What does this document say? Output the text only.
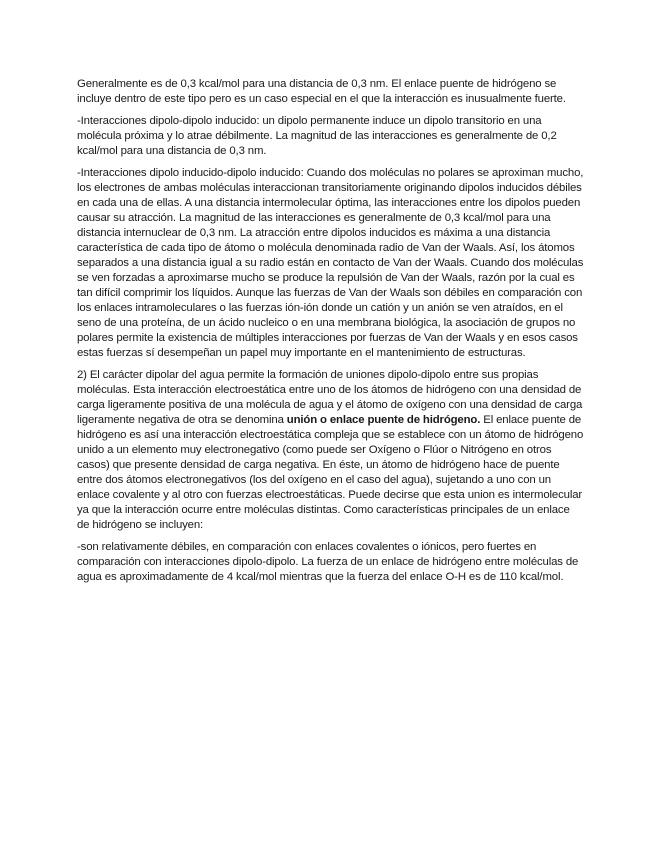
Generalmente es de 0,3 kcal/mol para una distancia de 0,3 nm. El enlace puente de hidrógeno se incluye dentro de este tipo pero es un caso especial en el que la interacción es inusualmente fuerte.

-Interacciones dipolo-dipolo inducido: un dipolo permanente induce un dipolo transitorio en una molécula próxima y lo atrae débilmente. La magnitud de las interacciones es generalmente de 0,2 kcal/mol para una distancia de 0,3 nm.

-Interacciones dipolo inducido-dipolo inducido: Cuando dos moléculas no polares se aproximan mucho, los electrones de ambas moléculas interaccionan transitoriamente originando dipolos inducidos débiles en cada una de ellas. A una distancia intermolecular óptima, las interacciones entre los dipolos pueden causar su atracción. La magnitud de las interacciones es generalmente de 0,3 kcal/mol para una distancia internuclear de 0,3 nm. La atracción entre dipolos inducidos es máxima a una distancia característica de cada tipo de átomo o molécula denominada radio de Van der Waals. Así, los átomos separados a una distancia igual a su radio están en contacto de Van der Waals. Cuando dos moléculas se ven forzadas a aproximarse mucho se produce la repulsión de Van der Waals, razón por la cual es tan difícil comprimir los líquidos. Aunque las fuerzas de Van der Waals son débiles en comparación con los enlaces intramoleculares o las fuerzas ión-ión donde un catión y un anión se ven atraídos, en el seno de una proteína, de un ácido nucleico o en una membrana biológica, la asociación de grupos no polares permite la existencia de múltiples interacciones por fuerzas de Van der Waals y en esos casos estas fuerzas sí desempeñan un papel muy importante en el mantenimiento de estructuras.

2) El carácter dipolar del agua permite la formación de uniones dipolo-dipolo entre sus propias moléculas. Esta interacción electroestática entre uno de los átomos de hidrógeno con una densidad de carga ligeramente positiva de una molécula de agua y el átomo de oxígeno con una densidad de carga ligeramente negativa de otra se denomina unión o enlace puente de hidrógeno. El enlace puente de hidrógeno es así una interacción electroestática compleja que se establece con un átomo de hidrógeno unido a un elemento muy electronegativo (como puede ser Oxígeno o Flúor o Nitrógeno en otros casos) que presente densidad de carga negativa. En éste, un átomo de hidrógeno hace de puente entre dos átomos electronegativos (los del oxígeno en el caso del agua), sujetando a uno con un enlace covalente y al otro con fuerzas electroestáticas. Puede decirse que esta union es intermolecular ya que la interacción ocurre entre moléculas distintas. Como características principales de un enlace de hidrógeno se incluyen:

-son relativamente débiles, en comparación con enlaces covalentes o iónicos, pero fuertes en comparación con interacciones dipolo-dipolo. La fuerza de un enlace de hidrógeno entre moléculas de agua es aproximadamente de 4 kcal/mol mientras que la fuerza del enlace O-H es de 110 kcal/mol.
